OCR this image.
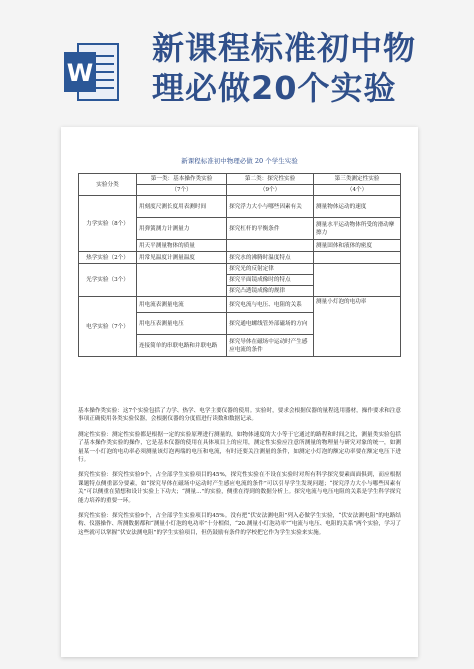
W
新课程标准初中物
理必做20个实验
新课程标准初中物理必做 20 个学生实验
实验分类	第一类：基本操作类实验	第二类：探究性实验	第三类测定性实验
	（7个）	（9个）	（4个）
力学实验（8个）	用刻度尺测长度用表测时间	探究浮力大小与哪些因素有关	测量物体运动的速度
	用弹簧测力计测量力	探究杠杆的平衡条件	测量水平运动物体所受的滑动摩擦力
	用天平测量物体的质量		测量固体和液体的密度
热学实验（2个）	用常见温度计测量温度	探究水的沸腾时温度特点	
光学实验（3个）		探究光的反射定律	
		探究平面镜成像时的特点	
		探究凸透镜成像的规律	
电学实验（7个）	用电流表测量电流	探究电流与电压、电阻的关系	测量小灯泡的电功率
	用电压表测量电压	探究通电螺线管外部磁场的方向	
	连接简单的串联电路和并联电路	探究导体在磁场中运动时产生感应电流的条件	

基本操作类实验：这7个实验包括了力学、热学、电学主要仪器的使用。实验时，要求会根据仪器的量程选用器材，操作要求和注意事项正确使用各类实验仪器，会根据仪器的分度值进行读数和数据记录。

测定性实验：测定性实验都是根据一定的实验原理进行测量的，如物体速度的大小等于它通过的路程和时间之比，测量类实验包括了基本操作类实验的操作，它是基本仪器的使用在具体项目上的应用，测定性实验应注意所测量的物理量与研究对象的统一，如测量某一小灯泡的电功率必须测量该灯泡两端的电压和电流，有时还要关注测量的条件，如测定小灯泡的额定功率要在额定电压下进行。

探究性实验：探究性实验9个，占全部学生实验项目的45%，探究性实验在不设在实验时对所有科学探究要素面面俱到，而应根据课题特点侧重部分要素，如“探究导体在磁场中运动时产生感应电流的条件”可以引导学生发现问题；“探究浮力大小与哪些因素有关”可以侧重在猜想和设计实验上下功夫；“测量...”的实验，侧重在得到的数据分析上。探究电流与电压电阻的关系是学生科学探究能力培养的重要一环。

探究性实验：探究性实验9个，占全部学生实验项目的45%。没有把“伏安法测电阻”列入必做学生实验，“伏安法测电阻”的电路结构、仪器操作、所测数据都和“测量小灯泡的电功率”十分相似，“20.测量小灯泡功率”“电流与电压、电阻的关系”两个实验，学习了这些就可以掌握“伏安法测电阻”的学生实验项目，但仍鼓励有条件的学校把它作为学生实验来实施。
